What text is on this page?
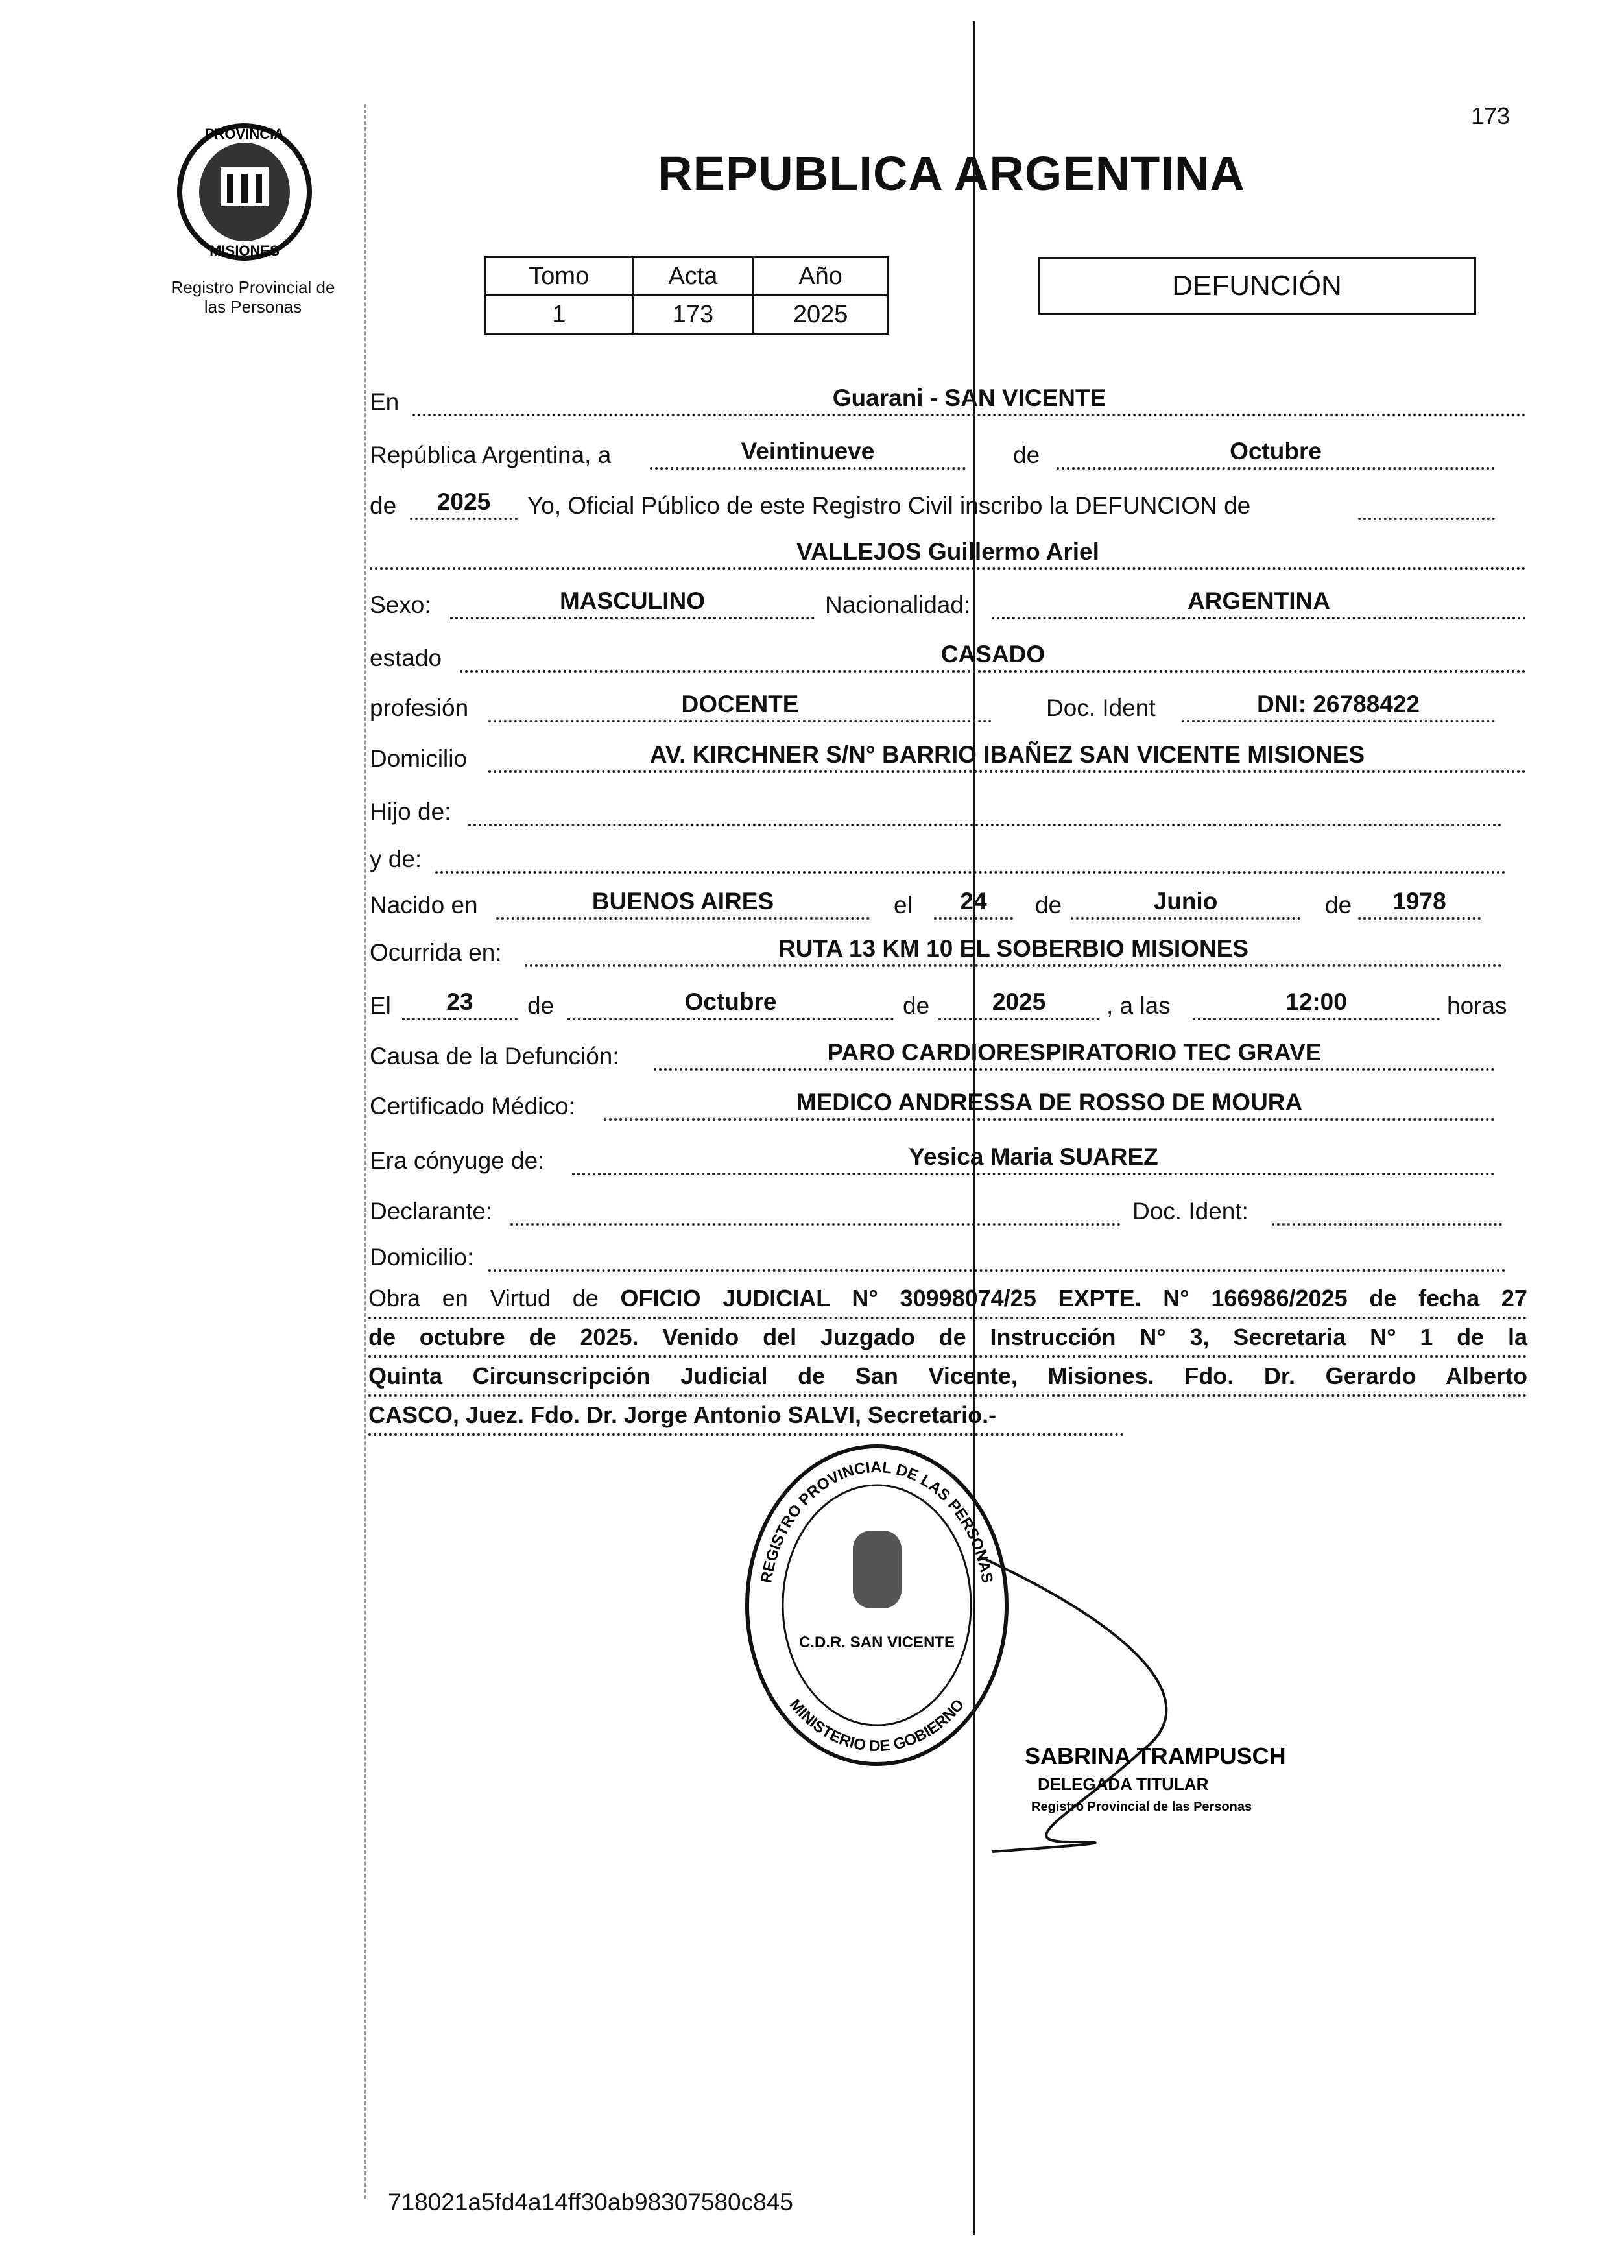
173
REPUBLICA ARGENTINA
PROVINCIA
MISIONES
Registro Provincial de
las Personas
Tomo	Acta	Año
1	173	2025
DEFUNCIÓN
En	Guarani - SAN VICENTE
República Argentina, a	Veintinueve	de	Octubre
de	2025	Yo, Oficial Público de este Registro Civil inscribo la DEFUNCION de
VALLEJOS Guillermo Ariel
Sexo:	MASCULINO	Nacionalidad:	ARGENTINA
estado	CASADO
profesión	DOCENTE	Doc. Ident	DNI: 26788422
Domicilio	AV. KIRCHNER S/N° BARRIO IBAÑEZ SAN VICENTE MISIONES
Hijo de:
y de:
Nacido en	BUENOS AIRES	el	24	de	Junio	de	1978
Ocurrida en:	RUTA 13 KM 10 EL SOBERBIO MISIONES
El	23	de	Octubre	de	2025	, a las	12:00	horas
Causa de la Defunción:	PARO CARDIORESPIRATORIO TEC GRAVE
Certificado Médico:	MEDICO ANDRESSA DE ROSSO DE MOURA
Era cónyuge de:	Yesica Maria SUAREZ
Declarante:	Doc. Ident:
Domicilio:
Obra en Virtud de OFICIO JUDICIAL N° 30998074/25 EXPTE. N° 166986/2025 de fecha 27
de octubre de 2025. Venido del Juzgado de Instrucción N° 3, Secretaria N° 1 de la
Quinta Circunscripción Judicial de San Vicente, Misiones. Fdo. Dr. Gerardo Alberto
CASCO, Juez. Fdo. Dr. Jorge Antonio SALVI, Secretario.-
REGISTRO PROVINCIAL DE LAS PERSONAS
MINISTERIO DE GOBIERNO
C.D.R. SAN VICENTE
SABRINA TRAMPUSCH
DELEGADA TITULAR
Registro Provincial de las Personas
718021a5fd4a14ff30ab98307580c845
